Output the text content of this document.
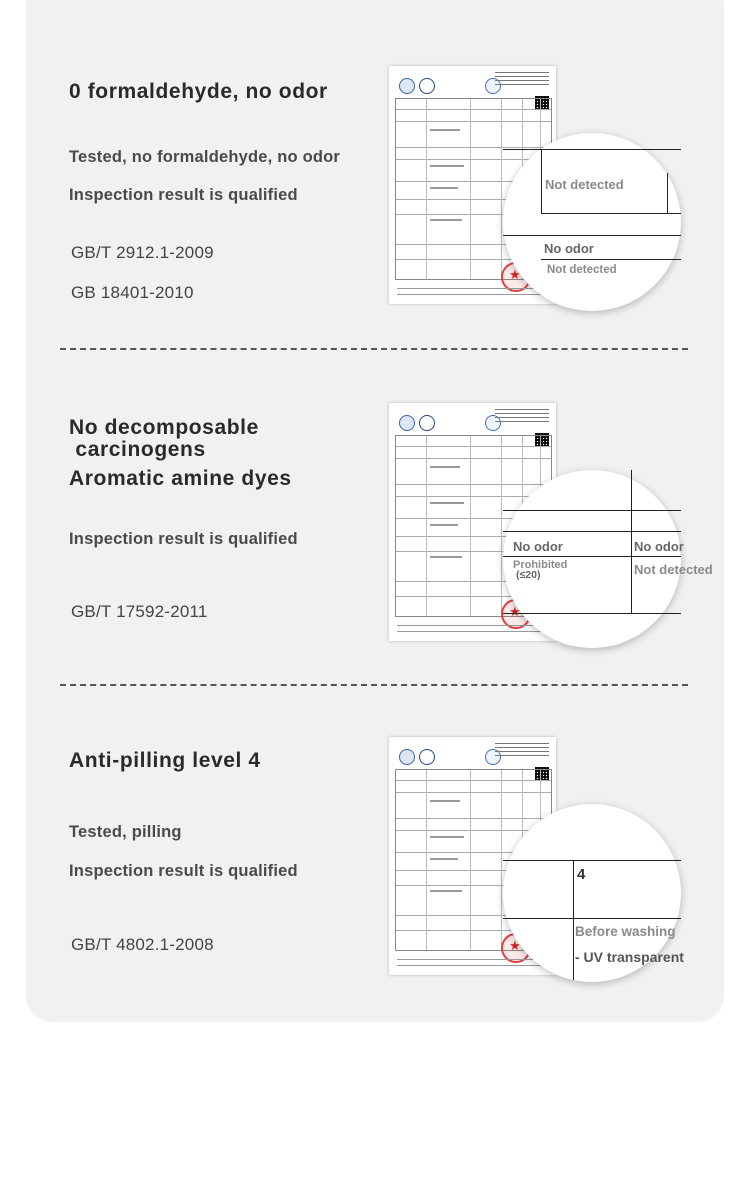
0 formaldehyde, no odor
Tested, no formaldehyde, no odor
Inspection result is qualified
GB/T 2912.1-2009
GB 18401-2010
★
Not detected
No odor
Not detected
No decomposable
carcinogens
Aromatic amine dyes
Inspection result is qualified
GB/T 17592-2011
★
No odor	No odor
Prohibited
(≤20)	Not detected
Anti-pilling level 4
Tested, pilling
Inspection result is qualified
GB/T 4802.1-2008
★
4
Before washing
- UV transparent
